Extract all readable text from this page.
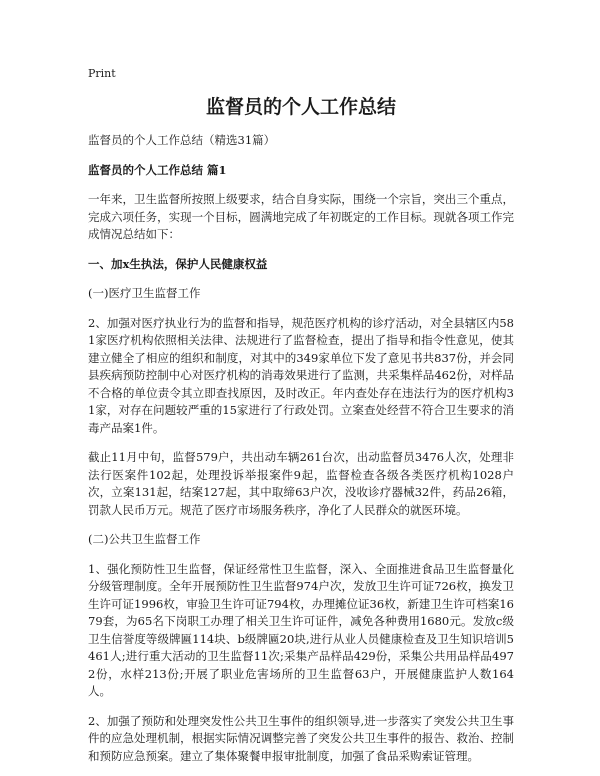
Print
监督员的个人工作总结

监督员的个人工作总结（精选31篇）

监督员的个人工作总结 篇1

一年来，卫生监督所按照上级要求，结合自身实际，围绕一个宗旨，突出三个重点，完成六项任务，实现一个目标，圆满地完成了年初既定的工作目标。现就各项工作完成情况总结如下：

一、加x生执法，保护人民健康权益
(一)医疗卫生监督工作

2、加强对医疗执业行为的监督和指导，规范医疗机构的诊疗活动，对全县辖区内581家医疗机构依照相关法律、法规进行了监督检查，提出了指导和指令性意见，使其建立健全了相应的组织和制度，对其中的349家单位下发了意见书共837份，并会同县疾病预防控制中心对医疗机构的消毒效果进行了监测，共采集样品462份，对样品不合格的单位责令其立即查找原因，及时改正。年内查处存在违法行为的医疗机构31家，对存在问题较严重的15家进行了行政处罚。立案查处经营不符合卫生要求的消毒产品案1件。

截止11月中旬，监督579户，共出动车辆261台次，出动监督员3476人次，处理非法行医案件102起，处理投诉举报案件9起，监督检查各级各类医疗机构1028户次，立案131起，结案127起，其中取缔63户次，没收诊疗器械32件，药品26箱，罚款人民币万元。规范了医疗市场服务秩序，净化了人民群众的就医环境。

(二)公共卫生监督工作

1、强化预防性卫生监督，保证经常性卫生监督，深入、全面推进食品卫生监督量化分级管理制度。全年开展预防性卫生监督974户次，发放卫生许可证726枚，换发卫生许可证1996枚，审验卫生许可证794枚，办理摊位证36枚，新建卫生许可档案1679套，为65名下岗职工办理了相关卫生许可证件，减免各种费用1680元。发放c级卫生信誉度等级牌匾114块、b级牌匾20块,进行从业人员健康检查及卫生知识培训5461人;进行重大活动的卫生监督11次;采集产品样品429份，采集公共用品样品4972份，水样213份;开展了职业危害场所的卫生监督63户，开展健康监护人数164人。

2、加强了预防和处理突发性公共卫生事件的组织领导,进一步落实了突发公共卫生事件的应急处理机制，根据实际情况调整完善了突发公共卫生事件的报告、救治、控制和预防应急预案。建立了集体聚餐申报审批制度，加强了食品采购索证管理。
